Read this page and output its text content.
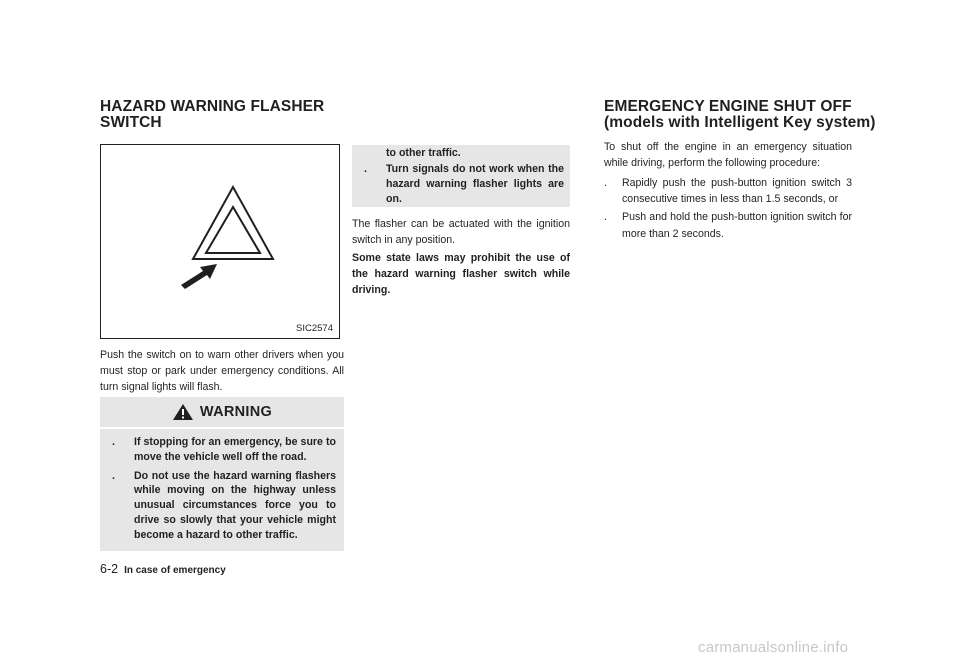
HAZARD WARNING FLASHER
SWITCH
EMERGENCY ENGINE SHUT OFF
(models with Intelligent Key system)
SIC2574

Push the switch on to warn other drivers when you must stop or park under emergency conditions. All turn signal lights will flash.

WARNING
. If stopping for an emergency, be sure to move the vehicle well off the road.
. Do not use the hazard warning flashers while moving on the highway unless unusual circumstances force you to drive so slowly that your vehicle might become a hazard to other traffic.
to other traffic.
. Turn signals do not work when the hazard warning flasher lights are on.

The flasher can be actuated with the ignition switch in any position.

Some state laws may prohibit the use of the hazard warning flasher switch while driving.

To shut off the engine in an emergency situation while driving, perform the following procedure:

. Rapidly push the push-button ignition switch 3 consecutive times in less than 1.5 seconds, or
. Push and hold the push-button ignition switch for more than 2 seconds.
6-2 In case of emergency
carmanualsonline.info
